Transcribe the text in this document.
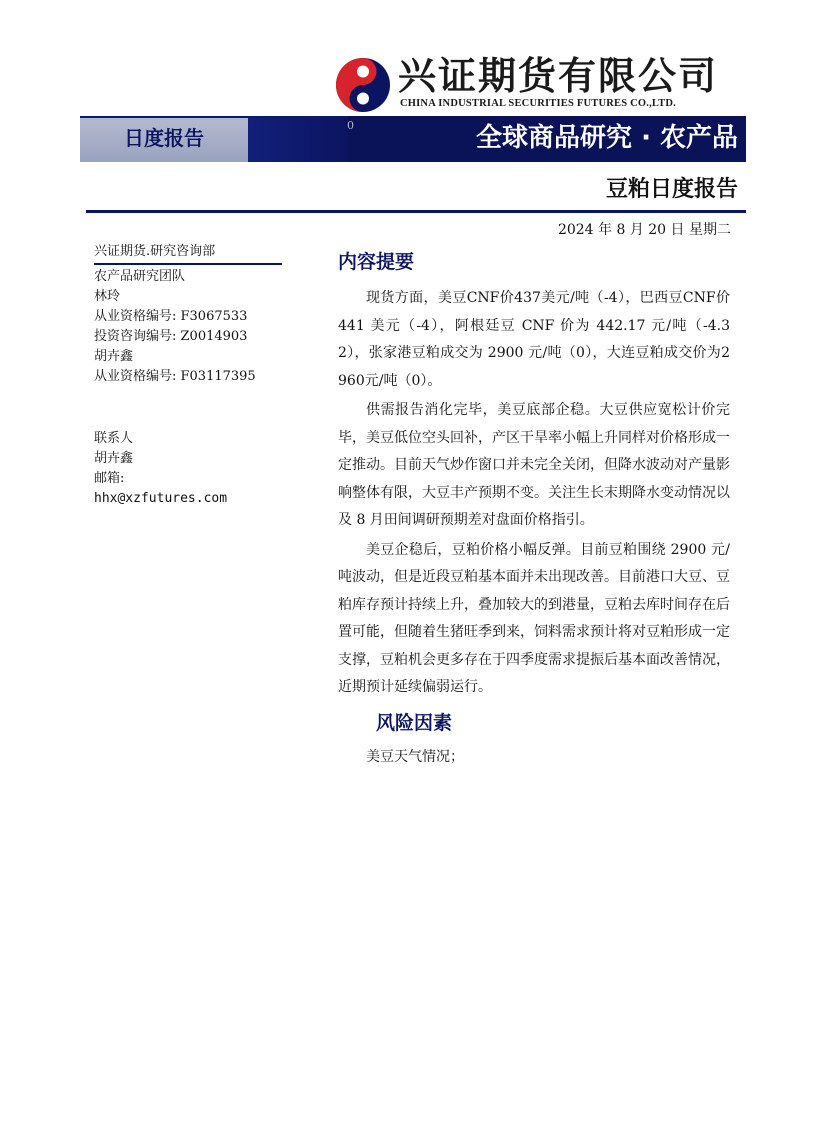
兴证期货有限公司
CHINA INDUSTRIAL SECURITIES FUTURES CO.,LTD.
日度报告
0	全球商品研究 · 农产品
豆粕日度报告
2024 年 8 月 20 日 星期二
兴证期货.研究咨询部
农产品研究团队
林玲
从业资格编号: F3067533
投资咨询编号: Z0014903
胡卉鑫
从业资格编号: F03117395
联系人
胡卉鑫
邮箱:
hhx@xzfutures.com
内容提要

现货方面，美豆CNF价437美元/吨（-4），巴西豆CNF价 441 美元（-4），阿根廷豆 CNF 价为 442.17 元/吨（-4.32），张家港豆粕成交为 2900 元/吨（0），大连豆粕成交价为2960元/吨（0）。

供需报告消化完毕，美豆底部企稳。大豆供应宽松计价完毕，美豆低位空头回补，产区干旱率小幅上升同样对价格形成一定推动。目前天气炒作窗口并未完全关闭，但降水波动对产量影响整体有限，大豆丰产预期不变。关注生长末期降水变动情况以及 8 月田间调研预期差对盘面价格指引。

美豆企稳后，豆粕价格小幅反弹。目前豆粕围绕 2900 元/吨波动，但是近段豆粕基本面并未出现改善。目前港口大豆、豆粕库存预计持续上升，叠加较大的到港量，豆粕去库时间存在后置可能，但随着生猪旺季到来，饲料需求预计将对豆粕形成一定支撑，豆粕机会更多存在于四季度需求提振后基本面改善情况，近期预计延续偏弱运行。

风险因素
美豆天气情况；
